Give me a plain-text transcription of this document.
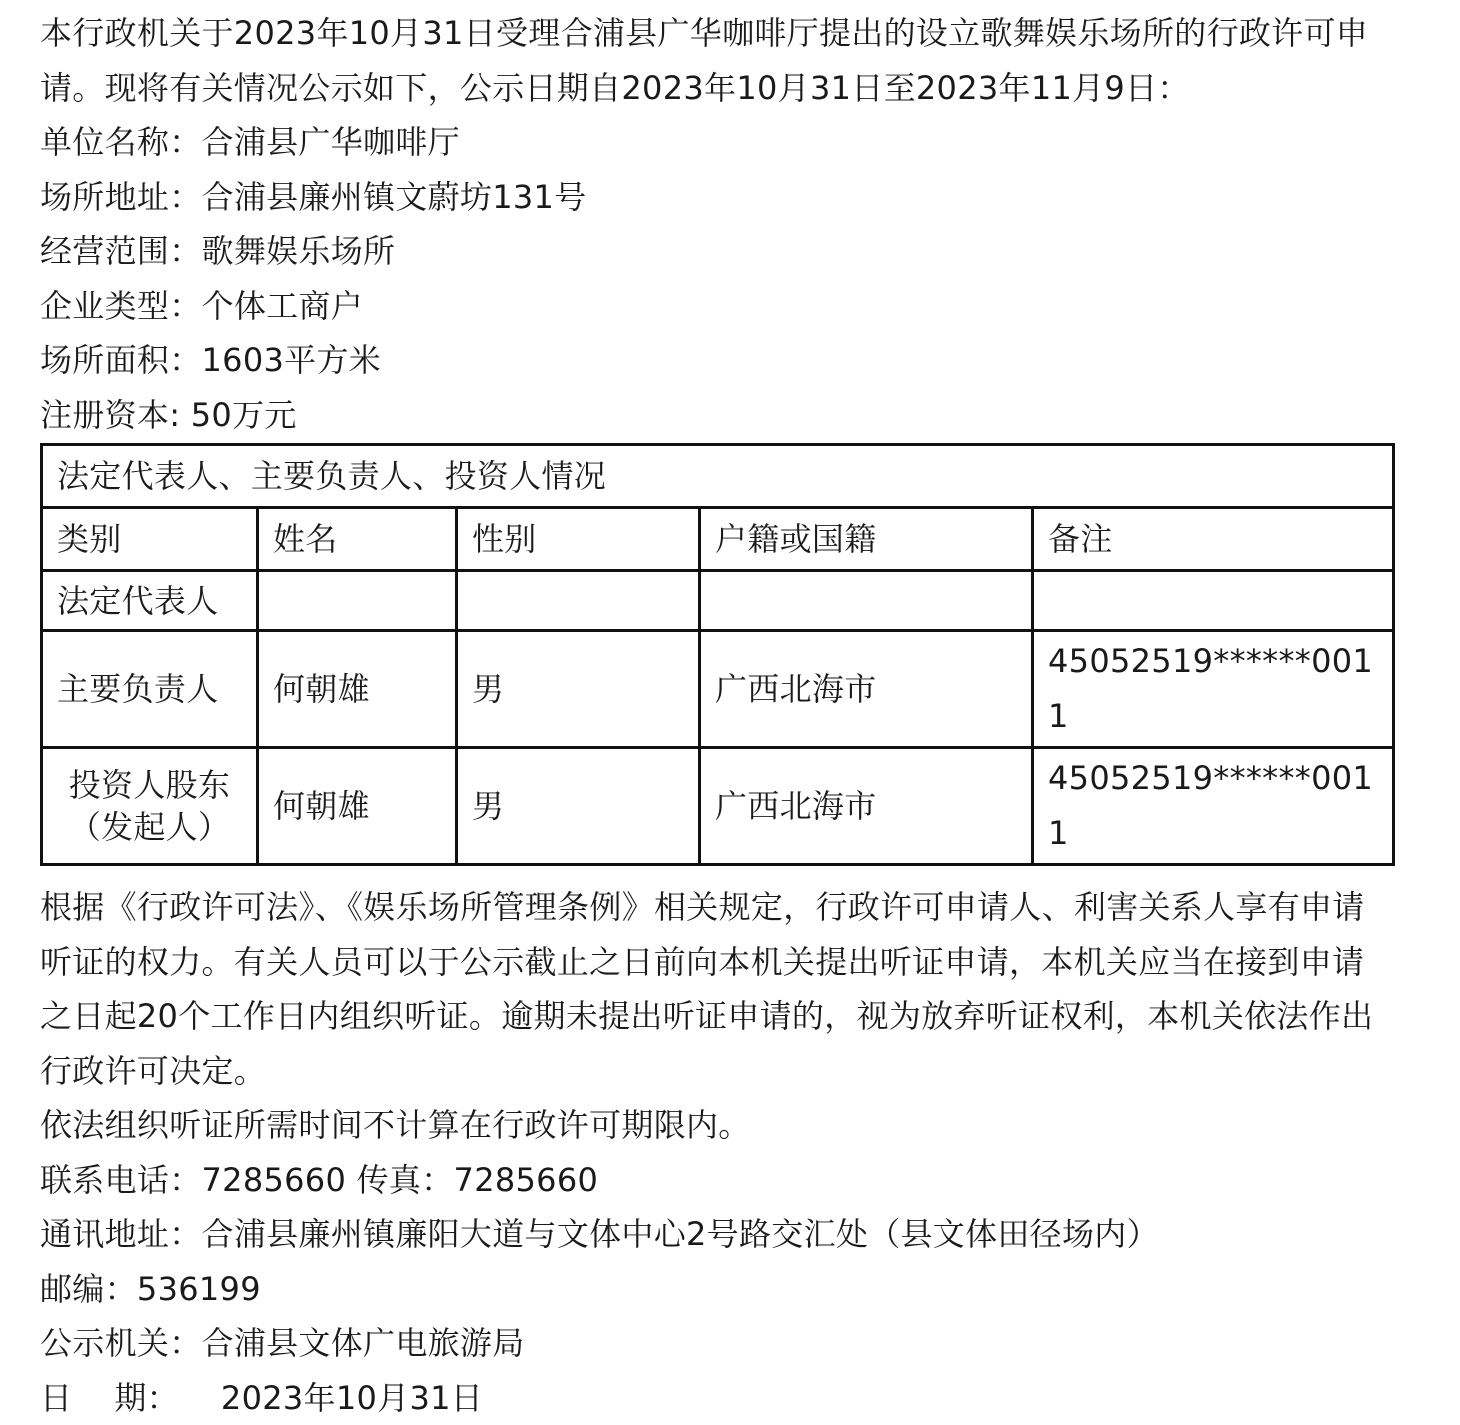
本行政机关于2023年10月31日受理合浦县广华咖啡厅提出的设立歌舞娱乐场所的行政许可申请。现将有关情况公示如下，公示日期自2023年10月31日至2023年11月9日：
单位名称：合浦县广华咖啡厅
场所地址：合浦县廉州镇文蔚坊131号
经营范围：歌舞娱乐场所
企业类型：个体工商户
场所面积：1603平方米
注册资本: 50万元
法定代表人、主要负责人、投资人情况				
类别	姓名	性别	户籍或国籍	备注
法定代表人				
主要负责人	何朝雄	男	广西北海市	45052519******0011
投资人股东（发起人）	何朝雄	男	广西北海市	45052519******0011
根据《行政许可法》、《娱乐场所管理条例》相关规定，行政许可申请人、利害关系人享有申请听证的权力。有关人员可以于公示截止之日前向本机关提出听证申请，本机关应当在接到申请之日起20个工作日内组织听证。逾期未提出听证申请的，视为放弃听证权利，本机关依法作出行政许可决定。
依法组织听证所需时间不计算在行政许可期限内。
联系电话：7285660 传真：7285660
通讯地址：合浦县廉州镇廉阳大道与文体中心2号路交汇处（县文体田径场内）
邮编：536199
公示机关：合浦县文体广电旅游局
日 期： 2023年10月31日
